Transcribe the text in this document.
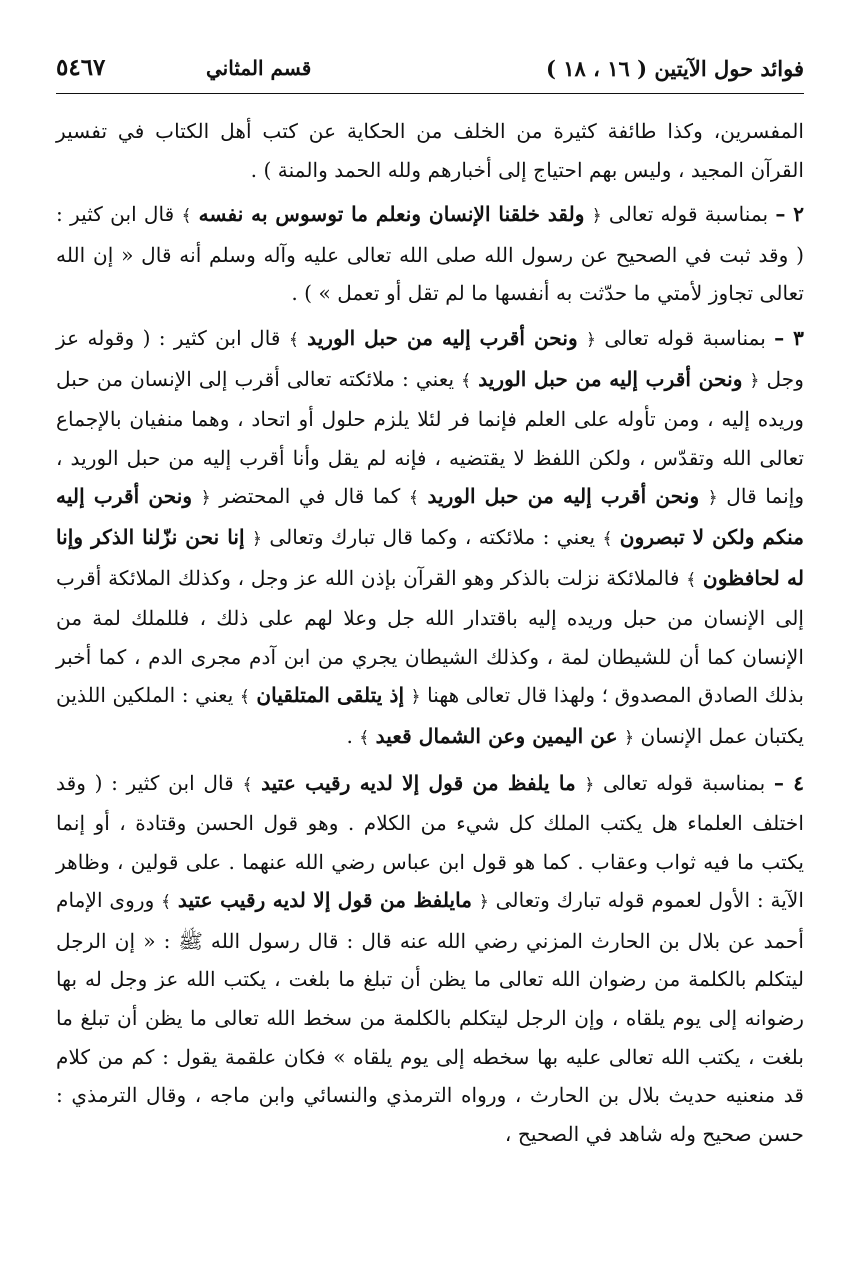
فوائد حول الآيتين ( ١٦ ، ١٨ )
قسم المثاني
٥٤٦٧

المفسرين، وكذا طائفة كثيرة من الخلف من الحكاية عن كتب أهل الكتاب في تفسير القرآن المجيد ، وليس بهم احتياج إلى أخبارهم ولله الحمد والمنة ) .

٢ – بمناسبة قوله تعالى ﴿ ولقد خلقنا الإنسان ونعلم ما توسوس به نفسه ﴾ قال ابن كثير : ( وقد ثبت في الصحيح عن رسول الله صلى الله تعالى عليه وآله وسلم أنه قال « إن الله تعالى تجاوز لأمتي ما حدّثت به أنفسها ما لم تقل أو تعمل » ) .

٣ – بمناسبة قوله تعالى ﴿ ونحن أقرب إليه من حبل الوريد ﴾ قال ابن كثير : ( وقوله عز وجل ﴿ ونحن أقرب إليه من حبل الوريد ﴾ يعني : ملائكته تعالى أقرب إلى الإنسان من حبل وريده إليه ، ومن تأوله على العلم فإنما فر لئلا يلزم حلول أو اتحاد ، وهما منفيان بالإجماع تعالى الله وتقدّس ، ولكن اللفظ لا يقتضيه ، فإنه لم يقل وأنا أقرب إليه من حبل الوريد ، وإنما قال ﴿ ونحن أقرب إليه من حبل الوريد ﴾ كما قال في المحتضر ﴿ ونحن أقرب إليه منكم ولكن لا تبصرون ﴾ يعني : ملائكته ، وكما قال تبارك وتعالى ﴿ إنا نحن نزّلنا الذكر وإنا له لحافظون ﴾ فالملائكة نزلت بالذكر وهو القرآن بإذن الله عز وجل ، وكذلك الملائكة أقرب إلى الإنسان من حبل وريده إليه باقتدار الله جل وعلا لهم على ذلك ، فللملك لمة من الإنسان كما أن للشيطان لمة ، وكذلك الشيطان يجري من ابن آدم مجرى الدم ، كما أخبر بذلك الصادق المصدوق ؛ ولهذا قال تعالى ههنا ﴿ إذ يتلقى المتلقيان ﴾ يعني : الملكين اللذين يكتبان عمل الإنسان ﴿ عن اليمين وعن الشمال قعيد ﴾ .

٤ – بمناسبة قوله تعالى ﴿ ما يلفظ من قول إلا لديه رقيب عتيد ﴾ قال ابن كثير : ( وقد اختلف العلماء هل يكتب الملك كل شيء من الكلام . وهو قول الحسن وقتادة ، أو إنما يكتب ما فيه ثواب وعقاب . كما هو قول ابن عباس رضي الله عنهما . على قولين ، وظاهر الآية : الأول لعموم قوله تبارك وتعالى ﴿ مايلفظ من قول إلا لديه رقيب عتيد ﴾ وروى الإمام أحمد عن بلال بن الحارث المزني رضي الله عنه قال : قال رسول الله ﷺ : « إن الرجل ليتكلم بالكلمة من رضوان الله تعالى ما يظن أن تبلغ ما بلغت ، يكتب الله عز وجل له بها رضوانه إلى يوم يلقاه ، وإن الرجل ليتكلم بالكلمة من سخط الله تعالى ما يظن أن تبلغ ما بلغت ، يكتب الله تعالى عليه بها سخطه إلى يوم يلقاه » فكان علقمة يقول : كم من كلام قد منعنيه حديث بلال بن الحارث ، ورواه الترمذي والنسائي وابن ماجه ، وقال الترمذي : حسن صحيح وله شاهد في الصحيح ،
